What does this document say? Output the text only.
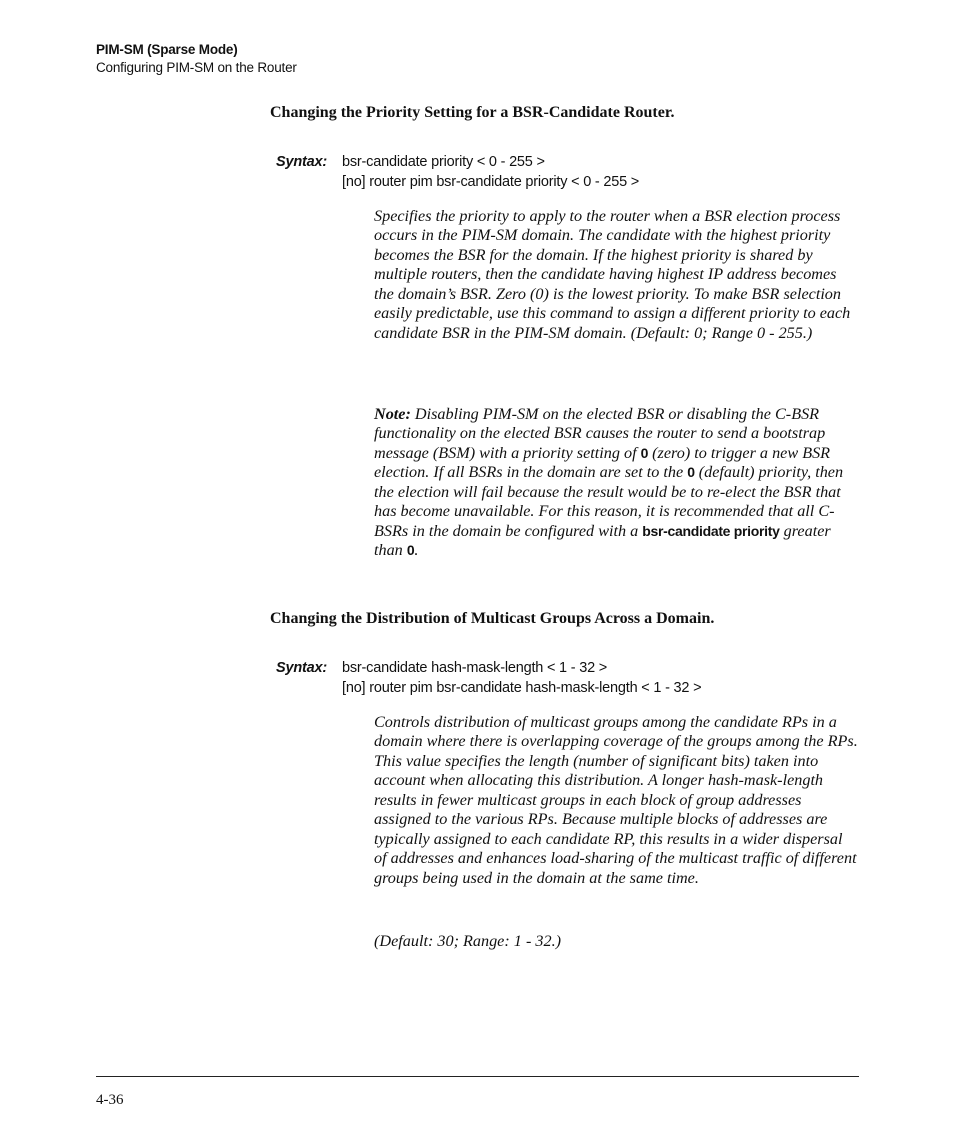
PIM-SM (Sparse Mode)
Configuring PIM-SM on the Router
Changing the Priority Setting for a BSR-Candidate Router.
Syntax: bsr-candidate priority < 0 - 255 >
[no] router pim bsr-candidate priority < 0 - 255 >

Specifies the priority to apply to the router when a BSR election process occurs in the PIM-SM domain. The candidate with the highest priority becomes the BSR for the domain. If the highest priority is shared by multiple routers, then the candidate having highest IP address becomes the domain’s BSR. Zero (0) is the lowest priority. To make BSR selection easily predictable, use this command to assign a different priority to each candidate BSR in the PIM-SM domain. (Default: 0; Range 0 - 255.)

Note: Disabling PIM-SM on the elected BSR or disabling the C-BSR functionality on the elected BSR causes the router to send a bootstrap message (BSM) with a priority setting of 0 (zero) to trigger a new BSR election. If all BSRs in the domain are set to the 0 (default) priority, then the election will fail because the result would be to re-elect the BSR that has become unavailable. For this reason, it is recommended that all C-BSRs in the domain be configured with a bsr-candidate priority greater than 0.

Changing the Distribution of Multicast Groups Across a Domain.
Syntax: bsr-candidate hash-mask-length < 1 - 32 >
[no] router pim bsr-candidate hash-mask-length < 1 - 32 >

Controls distribution of multicast groups among the candidate RPs in a domain where there is overlapping coverage of the groups among the RPs. This value specifies the length (number of significant bits) taken into account when allocating this distribution. A longer hash-mask-length results in fewer multicast groups in each block of group addresses assigned to the various RPs. Because multiple blocks of addresses are typically assigned to each candidate RP, this results in a wider dispersal of addresses and enhances load-sharing of the multicast traffic of different groups being used in the domain at the same time.

(Default: 30; Range: 1 - 32.)

4-36
